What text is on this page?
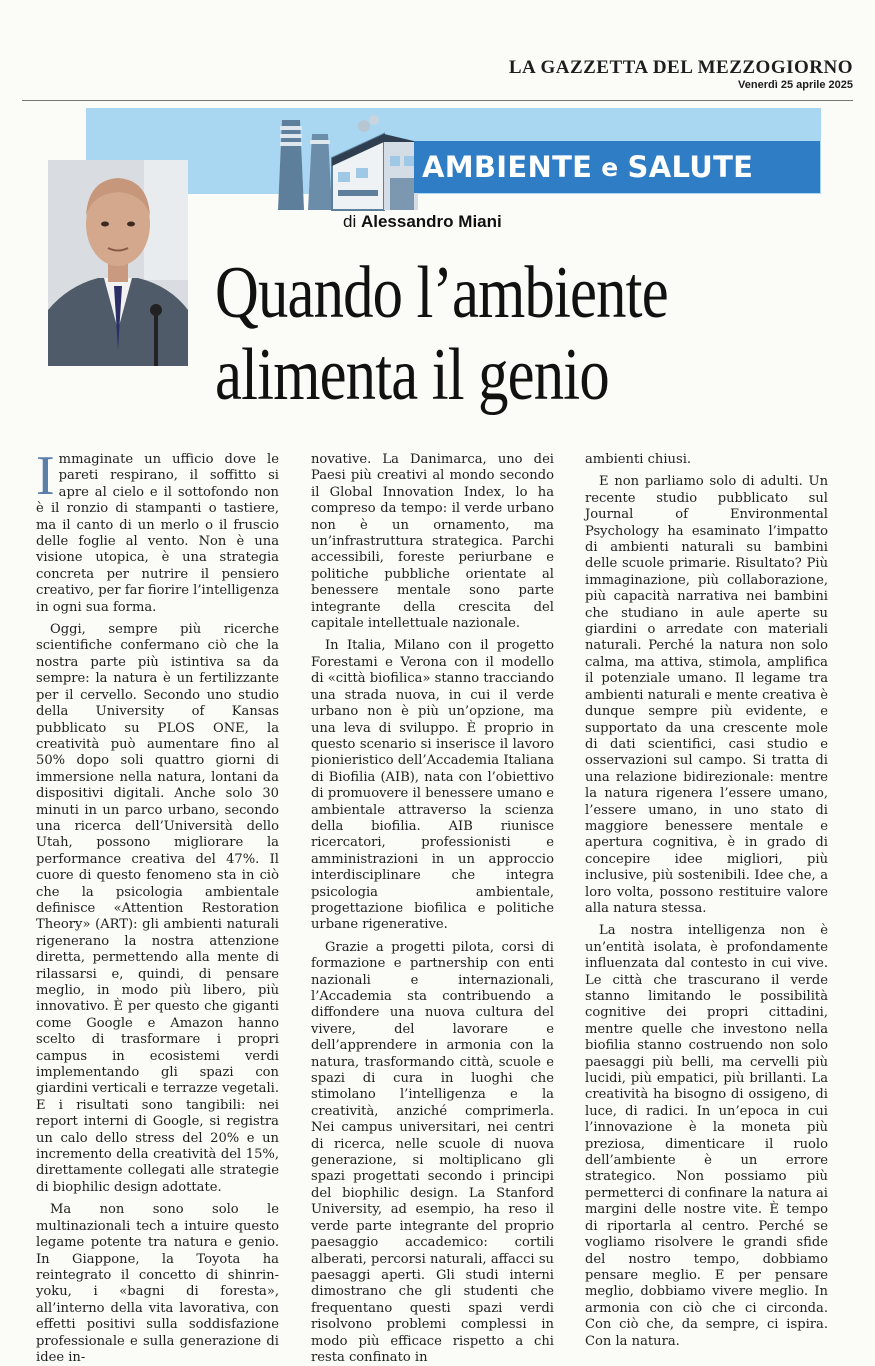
LA GAZZETTA DEL MEZZOGIORNO
Venerdì 25 aprile 2025
AMBIENTE e SALUTE
di Alessandro Miani
Quando l’ambiente
alimenta il genio

Immaginate un ufficio dove le pareti respirano, il soffitto si apre al cielo e il sottofondo non è il ronzio di stampanti o tastiere, ma il canto di un merlo o il fruscio delle foglie al vento. Non è una visione utopica, è una strategia concreta per nutrire il pensiero creativo, per far fiorire l’intelligenza in ogni sua forma.

Oggi, sempre più ricerche scientifiche confermano ciò che la nostra parte più istintiva sa da sempre: la natura è un fertilizzante per il cervello. Secondo uno studio della University of Kansas pubblicato su PLOS ONE, la creatività può aumentare fino al 50% dopo soli quattro giorni di immersione nella natura, lontani da dispositivi digitali. Anche solo 30 minuti in un parco urbano, secondo una ricerca dell’Università dello Utah, possono migliorare la performance creativa del 47%. Il cuore di questo fenomeno sta in ciò che la psicologia ambientale definisce «Attention Restoration Theory» (ART): gli ambienti naturali rigenerano la nostra attenzione diretta, permettendo alla mente di rilassarsi e, quindi, di pensare meglio, in modo più libero, più innovativo. È per questo che giganti come Google e Amazon hanno scelto di trasformare i propri campus in ecosistemi verdi implementando gli spazi con giardini verticali e terrazze vegetali. E i risultati sono tangibili: nei report interni di Google, si registra un calo dello stress del 20% e un incremento della creatività del 15%, direttamente collegati alle strategie di biophilic design adottate.

Ma non sono solo le multinazionali tech a intuire questo legame potente tra natura e genio. In Giappone, la Toyota ha reintegrato il concetto di shinrin-yoku, i «bagni di foresta», all’interno della vita lavorativa, con effetti positivi sulla soddisfazione professionale e sulla generazione di idee in-

novative. La Danimarca, uno dei Paesi più creativi al mondo secondo il Global Innovation Index, lo ha compreso da tempo: il verde urbano non è un ornamento, ma un’infrastruttura strategica. Parchi accessibili, foreste periurbane e politiche pubbliche orientate al benessere mentale sono parte integrante della crescita del capitale intellettuale nazionale.

In Italia, Milano con il progetto Forestami e Verona con il modello di «città biofilica» stanno tracciando una strada nuova, in cui il verde urbano non è più un’opzione, ma una leva di sviluppo. È proprio in questo scenario si inserisce il lavoro pionieristico dell’Accademia Italiana di Biofilia (AIB), nata con l’obiettivo di promuovere il benessere umano e ambientale attraverso la scienza della biofilia. AIB riunisce ricercatori, professionisti e amministrazioni in un approccio interdisciplinare che integra psicologia ambientale, progettazione biofilica e politiche urbane rigenerative.

Grazie a progetti pilota, corsi di formazione e partnership con enti nazionali e internazionali, l’Accademia sta contribuendo a diffondere una nuova cultura del vivere, del lavorare e dell’apprendere in armonia con la natura, trasformando città, scuole e spazi di cura in luoghi che stimolano l’intelligenza e la creatività, anziché comprimerla. Nei campus universitari, nei centri di ricerca, nelle scuole di nuova generazione, si moltiplicano gli spazi progettati secondo i principi del biophilic design. La Stanford University, ad esempio, ha reso il verde parte integrante del proprio paesaggio accademico: cortili alberati, percorsi naturali, affacci su paesaggi aperti. Gli studi interni dimostrano che gli studenti che frequentano questi spazi verdi risolvono problemi complessi in modo più efficace rispetto a chi resta confinato in

ambienti chiusi.

E non parliamo solo di adulti. Un recente studio pubblicato sul Journal of Environmental Psychology ha esaminato l’impatto di ambienti naturali su bambini delle scuole primarie. Risultato? Più immaginazione, più collaborazione, più capacità narrativa nei bambini che studiano in aule aperte su giardini o arredate con materiali naturali. Perché la natura non solo calma, ma attiva, stimola, amplifica il potenziale umano. Il legame tra ambienti naturali e mente creativa è dunque sempre più evidente, e supportato da una crescente mole di dati scientifici, casi studio e osservazioni sul campo. Si tratta di una relazione bidirezionale: mentre la natura rigenera l’essere umano, l’essere umano, in uno stato di maggiore benessere mentale e apertura cognitiva, è in grado di concepire idee migliori, più inclusive, più sostenibili. Idee che, a loro volta, possono restituire valore alla natura stessa.

La nostra intelligenza non è un’entità isolata, è profondamente influenzata dal contesto in cui vive. Le città che trascurano il verde stanno limitando le possibilità cognitive dei propri cittadini, mentre quelle che investono nella biofilia stanno costruendo non solo paesaggi più belli, ma cervelli più lucidi, più empatici, più brillanti. La creatività ha bisogno di ossigeno, di luce, di radici. In un’epoca in cui l’innovazione è la moneta più preziosa, dimenticare il ruolo dell’ambiente è un errore strategico. Non possiamo più permetterci di confinare la natura ai margini delle nostre vite. È tempo di riportarla al centro. Perché se vogliamo risolvere le grandi sfide del nostro tempo, dobbiamo pensare meglio. E per pensare meglio, dobbiamo vivere meglio. In armonia con ciò che ci circonda. Con ciò che, da sempre, ci ispira. Con la natura.
